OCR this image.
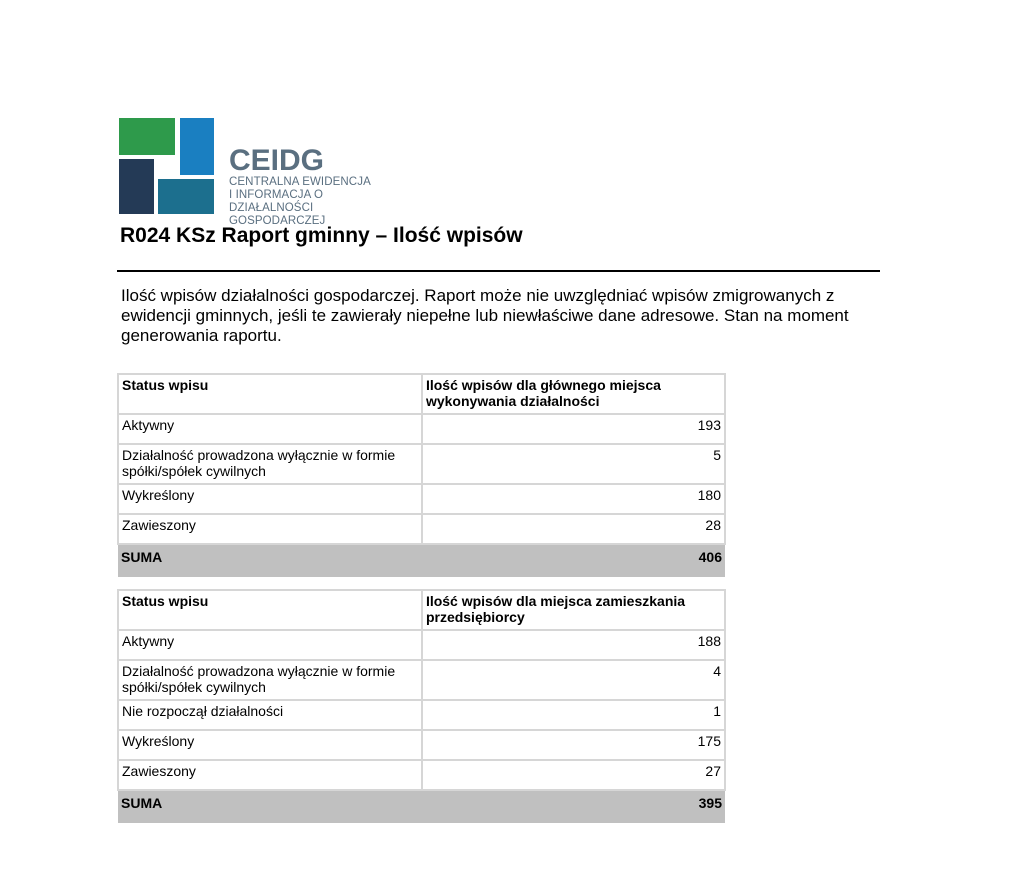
CEIDG
CENTRALNA EWIDENCJA
I INFORMACJA O DZIAŁALNOŚCI
GOSPODARCZEJ
R024 KSz Raport gminny – Ilość wpisów

Ilość wpisów działalności gospodarczej. Raport może nie uwzględniać wpisów zmigrowanych z ewidencji gminnych, jeśli te zawierały niepełne lub niewłaściwe dane adresowe. Stan na moment generowania raportu.

Status wpisu	Ilość wpisów dla głównego miejsca wykonywania działalności
Aktywny	193
Działalność prowadzona wyłącznie w formie spółki/spółek cywilnych	5
Wykreślony	180
Zawieszony	28
SUMA	406
Status wpisu	Ilość wpisów dla miejsca zamieszkania przedsiębiorcy
Aktywny	188
Działalność prowadzona wyłącznie w formie spółki/spółek cywilnych	4
Nie rozpoczął działalności	1
Wykreślony	175
Zawieszony	27
SUMA	395
